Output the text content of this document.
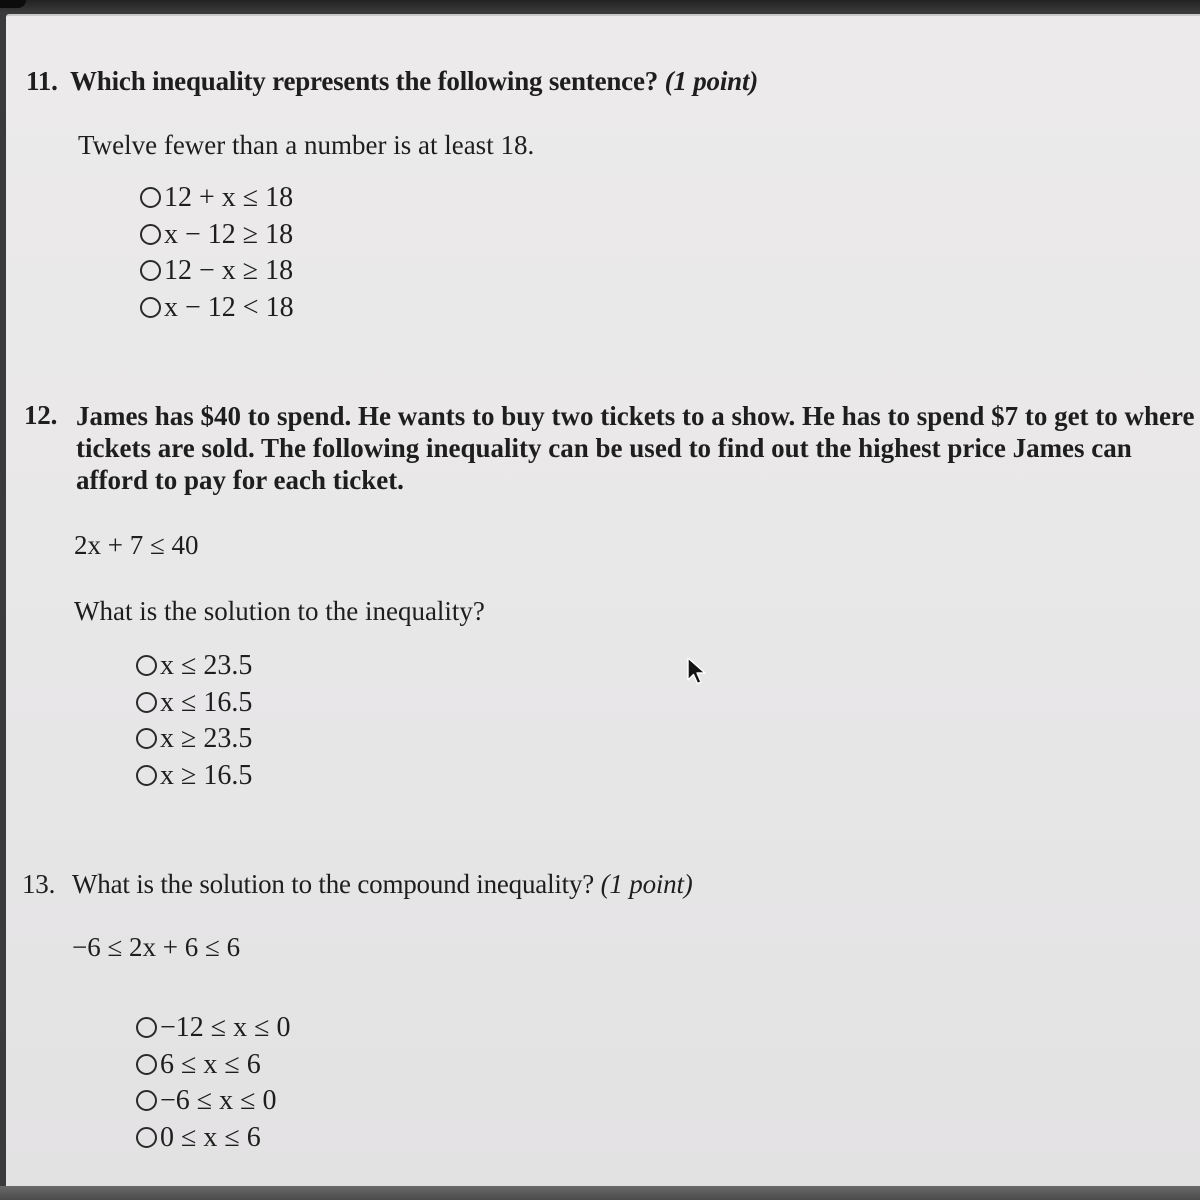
11. Which inequality represents the following sentence? (1 point)
Twelve fewer than a number is at least 18.
12 + x ≤ 18
x − 12 ≥ 18
12 − x ≥ 18
x − 12 < 18
12. James has $40 to spend. He wants to buy two tickets to a show. He has to spend $7 to get to where tickets are sold. The following inequality can be used to find out the highest price James can afford to pay for each ticket.
2x + 7 ≤ 40
What is the solution to the inequality?
x ≤ 23.5
x ≤ 16.5
x ≥ 23.5
x ≥ 16.5
13. What is the solution to the compound inequality? (1 point)
−6 ≤ 2x + 6 ≤ 6
−12 ≤ x ≤ 0
6 ≤ x ≤ 6
−6 ≤ x ≤ 0
0 ≤ x ≤ 6
